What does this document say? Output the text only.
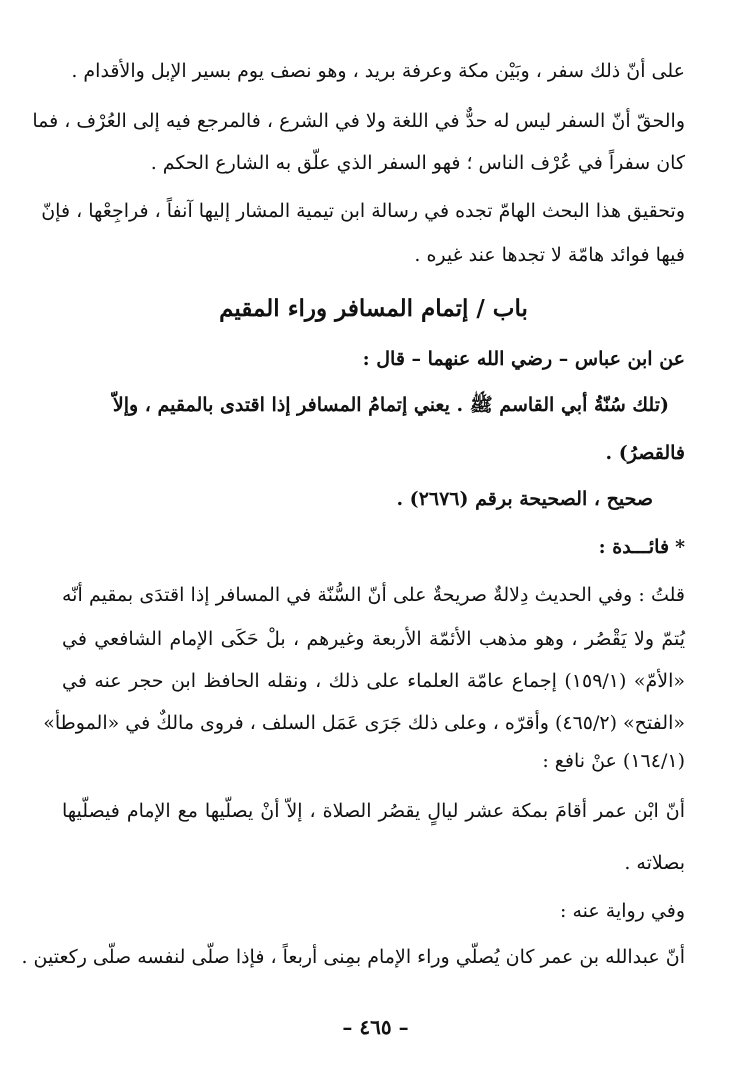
على أنّ ذلك سفر ، وبَيْن مكة وعرفة بريد ، وهو نصف يوم بسير الإبل والأقدام .
والحقّ أنّ السفر ليس له حدٌّ في اللغة ولا في الشرع ، فالمرجع فيه إلى العُرْف ، فما
كان سفراً في عُرْف الناس ؛ فهو السفر الذي علّق به الشارع الحكم .
وتحقيق هذا البحث الهامّ تجده في رسالة ابن تيمية المشار إليها آنفاً ، فراجِعْها ، فإنّ
فيها فوائد هامّة لا تجدها عند غيره .
باب / إتمام المسافر وراء المقيم
عن ابن عباس – رضي الله عنهما – قال :
(تلك سُنّةُ أبي القاسم ﷺ . يعني إتمامُ المسافر إذا اقتدى بالمقيم ، وإلاّ
فالقصرُ) .
صحيح ، الصحيحة برقم (٢٦٧٦) .
*فائـــدة :
قلتُ : وفي الحديث دِلالةٌ صريحةٌ على أنّ السُّنّة في المسافر إذا اقتدَى بمقيم أنّه
يُتمّ ولا يَقْصُر ، وهو مذهب الأئمّة الأربعة وغيرهم ، بلْ حَكَى الإمام الشافعي في
«الأمّ» (١٥٩/١) إجماع عامّة العلماء على ذلك ، ونقله الحافظ ابن حجر عنه في
«الفتح» (٤٦٥/٢) وأقرّه ، وعلى ذلك جَرَى عَمَل السلف ، فروى مالكٌ في «الموطأ»
(١٦٤/١) عنْ نافع :
أنّ ابْن عمر أقامَ بمكة عشر ليالٍ يقصُر الصلاة ، إلاّ أنْ يصلّيها مع الإمام فيصلّيها
بصلاته .
وفي رواية عنه :
أنّ عبدالله بن عمر كان يُصلّي وراء الإمام بمِنى أربعاً ، فإذا صلّى لنفسه صلّى ركعتين .
– ٤٦٥ –
